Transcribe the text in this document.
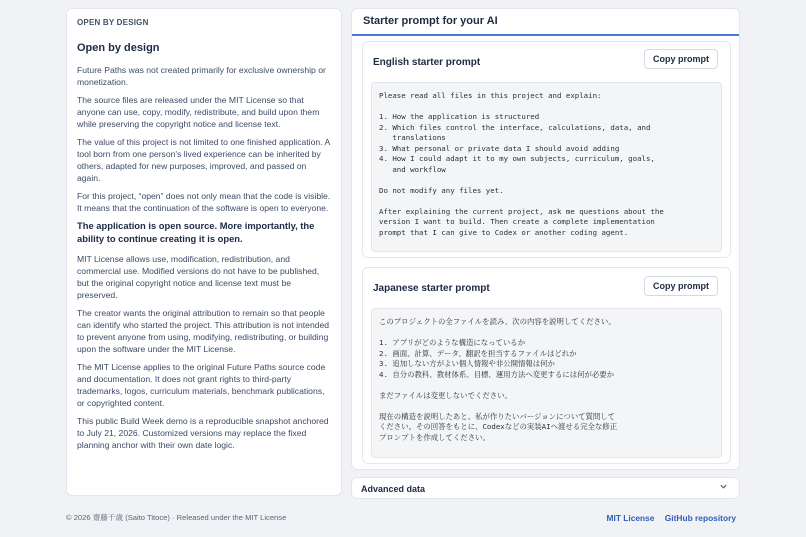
OPEN BY DESIGN
Open by design

Future Paths was not created primarily for exclusive ownership or monetization.

The source files are released under the MIT License so that anyone can use, copy, modify, redistribute, and build upon them while preserving the copyright notice and license text.

The value of this project is not limited to one finished application. A tool born from one person's lived experience can be inherited by others, adapted for new purposes, improved, and passed on again.

For this project, “open” does not only mean that the code is visible. It means that the continuation of the software is open to everyone.

The application is open source. More importantly, the ability to continue creating it is open.

MIT License allows use, modification, redistribution, and commercial use. Modified versions do not have to be published, but the original copyright notice and license text must be preserved.

The creator wants the original attribution to remain so that people can identify who started the project. This attribution is not intended to prevent anyone from using, modifying, redistributing, or building upon the software under the MIT License.

The MIT License applies to the original Future Paths source code and documentation. It does not grant rights to third-party trademarks, logos, curriculum materials, benchmark publications, or copyrighted content.

This public Build Week demo is a reproducible snapshot anchored to July 21, 2026. Customized versions may replace the fixed planning anchor with their own date logic.

Starter prompt for your AI
English starter prompt	Copy prompt
Please read all files in this project and explain:

1. How the application is structured
2. Which files control the interface, calculations, data, and
translations
3. What personal or private data I should avoid adding
4. How I could adapt it to my own subjects, curriculum, goals,
and workflow

Do not modify any files yet.

After explaining the current project, ask me questions about the
version I want to build. Then create a complete implementation
prompt that I can give to Codex or another coding agent.
Japanese starter prompt	Copy prompt
このプロジェクトの全ファイルを読み、次の内容を説明してください。

1. アプリがどのような構造になっているか
2. 画面、計算、データ、翻訳を担当するファイルはどれか
3. 追加しない方がよい個人情報や非公開情報は何か
4. 自分の教科、教材体系、目標、運用方法へ変更するには何が必要か

まだファイルは変更しないでください。

現在の構造を説明したあと、私が作りたいバージョンについて質問して
ください。その回答をもとに、Codexなどの実装AIへ渡せる完全な修正
プロンプトを作成してください。
Advanced data
© 2026 齋藤千歳 (Saito Titoce) · Released under the MIT License	MIT License GitHub repository
